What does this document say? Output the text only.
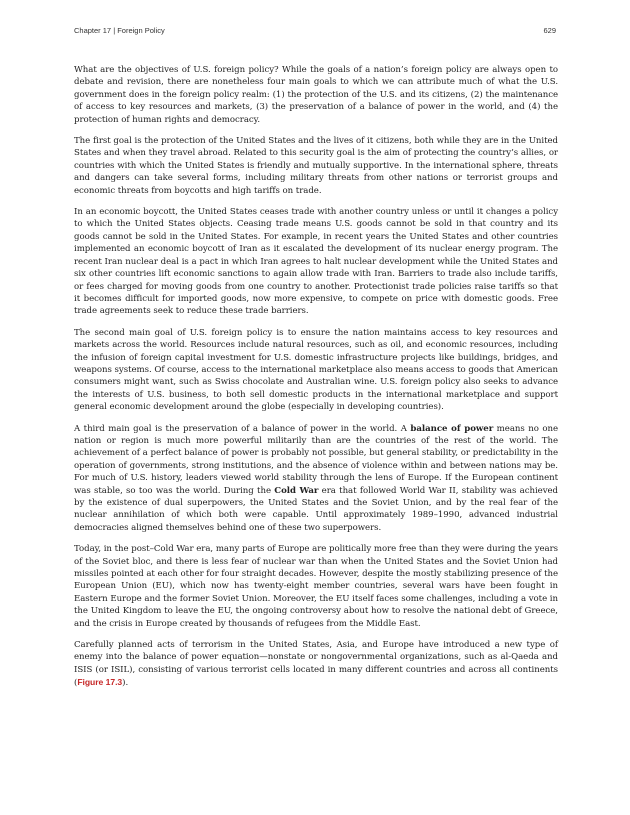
Chapter 17 | Foreign Policy	629

What are the objectives of U.S. foreign policy? While the goals of a nation’s foreign policy are always open to debate and revision, there are nonetheless four main goals to which we can attribute much of what the U.S. government does in the foreign policy realm: (1) the protection of the U.S. and its citizens, (2) the maintenance of access to key resources and markets, (3) the preservation of a balance of power in the world, and (4) the protection of human rights and democracy.

The first goal is the protection of the United States and the lives of it citizens, both while they are in the United States and when they travel abroad. Related to this security goal is the aim of protecting the country’s allies, or countries with which the United States is friendly and mutually supportive. In the international sphere, threats and dangers can take several forms, including military threats from other nations or terrorist groups and economic threats from boycotts and high tariffs on trade.

In an economic boycott, the United States ceases trade with another country unless or until it changes a policy to which the United States objects. Ceasing trade means U.S. goods cannot be sold in that country and its goods cannot be sold in the United States. For example, in recent years the United States and other countries implemented an economic boycott of Iran as it escalated the development of its nuclear energy program. The recent Iran nuclear deal is a pact in which Iran agrees to halt nuclear development while the United States and six other countries lift economic sanctions to again allow trade with Iran. Barriers to trade also include tariffs, or fees charged for moving goods from one country to another. Protectionist trade policies raise tariffs so that it becomes difficult for imported goods, now more expensive, to compete on price with domestic goods. Free trade agreements seek to reduce these trade barriers.

The second main goal of U.S. foreign policy is to ensure the nation maintains access to key resources and markets across the world. Resources include natural resources, such as oil, and economic resources, including the infusion of foreign capital investment for U.S. domestic infrastructure projects like buildings, bridges, and weapons systems. Of course, access to the international marketplace also means access to goods that American consumers might want, such as Swiss chocolate and Australian wine. U.S. foreign policy also seeks to advance the interests of U.S. business, to both sell domestic products in the international marketplace and support general economic development around the globe (especially in developing countries).

A third main goal is the preservation of a balance of power in the world. A balance of power means no one nation or region is much more powerful militarily than are the countries of the rest of the world. The achievement of a perfect balance of power is probably not possible, but general stability, or predictability in the operation of governments, strong institutions, and the absence of violence within and between nations may be. For much of U.S. history, leaders viewed world stability through the lens of Europe. If the European continent was stable, so too was the world. During the Cold War era that followed World War II, stability was achieved by the existence of dual superpowers, the United States and the Soviet Union, and by the real fear of the nuclear annihilation of which both were capable. Until approximately 1989–1990, advanced industrial democracies aligned themselves behind one of these two superpowers.

Today, in the post–Cold War era, many parts of Europe are politically more free than they were during the years of the Soviet bloc, and there is less fear of nuclear war than when the United States and the Soviet Union had missiles pointed at each other for four straight decades. However, despite the mostly stabilizing presence of the European Union (EU), which now has twenty-eight member countries, several wars have been fought in Eastern Europe and the former Soviet Union. Moreover, the EU itself faces some challenges, including a vote in the United Kingdom to leave the EU, the ongoing controversy about how to resolve the national debt of Greece, and the crisis in Europe created by thousands of refugees from the Middle East.

Carefully planned acts of terrorism in the United States, Asia, and Europe have introduced a new type of enemy into the balance of power equation—nonstate or nongovernmental organizations, such as al-Qaeda and ISIS (or ISIL), consisting of various terrorist cells located in many different countries and across all continents (Figure 17.3).
